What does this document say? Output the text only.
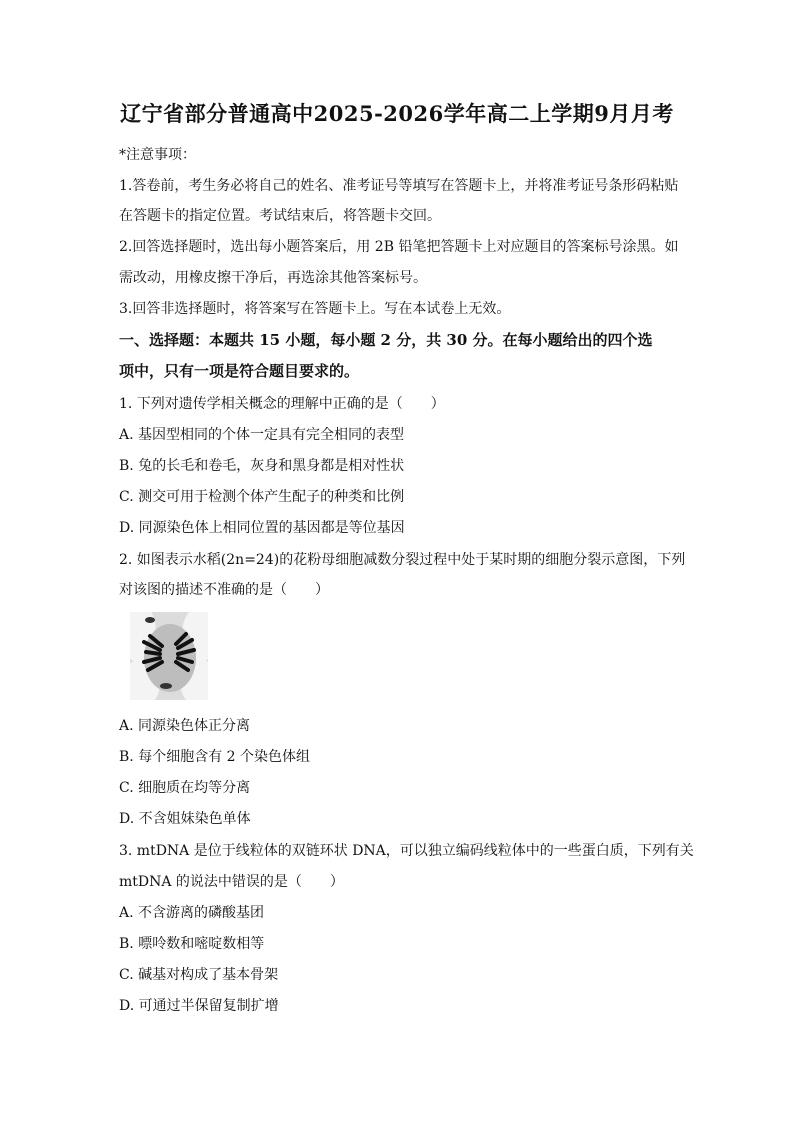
辽宁省部分普通高中2025-2026学年高二上学期9月月考
*注意事项：
1.答卷前，考生务必将自己的姓名、准考证号等填写在答题卡上，并将准考证号条形码粘贴
在答题卡的指定位置。考试结束后，将答题卡交回。
2.回答选择题时，选出每小题答案后，用 2B 铅笔把答题卡上对应题目的答案标号涂黑。如
需改动，用橡皮擦干净后，再选涂其他答案标号。
3.回答非选择题时，将答案写在答题卡上。写在本试卷上无效。
一、选择题：本题共 15 小题，每小题 2 分，共 30 分。在每小题给出的四个选
项中，只有一项是符合题目要求的。
1. 下列对遗传学相关概念的理解中正确的是（　　）
A. 基因型相同的个体一定具有完全相同的表型
B. 兔的长毛和卷毛，灰身和黑身都是相对性状
C. 测交可用于检测个体产生配子的种类和比例
D. 同源染色体上相同位置的基因都是等位基因
2. 如图表示水稻(2n=24)的花粉母细胞减数分裂过程中处于某时期的细胞分裂示意图，下列
对该图的描述不准确的是（　　）
A. 同源染色体正分离
B. 每个细胞含有 2 个染色体组
C. 细胞质在均等分离
D. 不含姐妹染色单体
3. mtDNA 是位于线粒体的双链环状 DNA，可以独立编码线粒体中的一些蛋白质，下列有关
mtDNA 的说法中错误的是（　　）
A. 不含游离的磷酸基团
B. 嘌呤数和嘧啶数相等
C. 碱基对构成了基本骨架
D. 可通过半保留复制扩增
